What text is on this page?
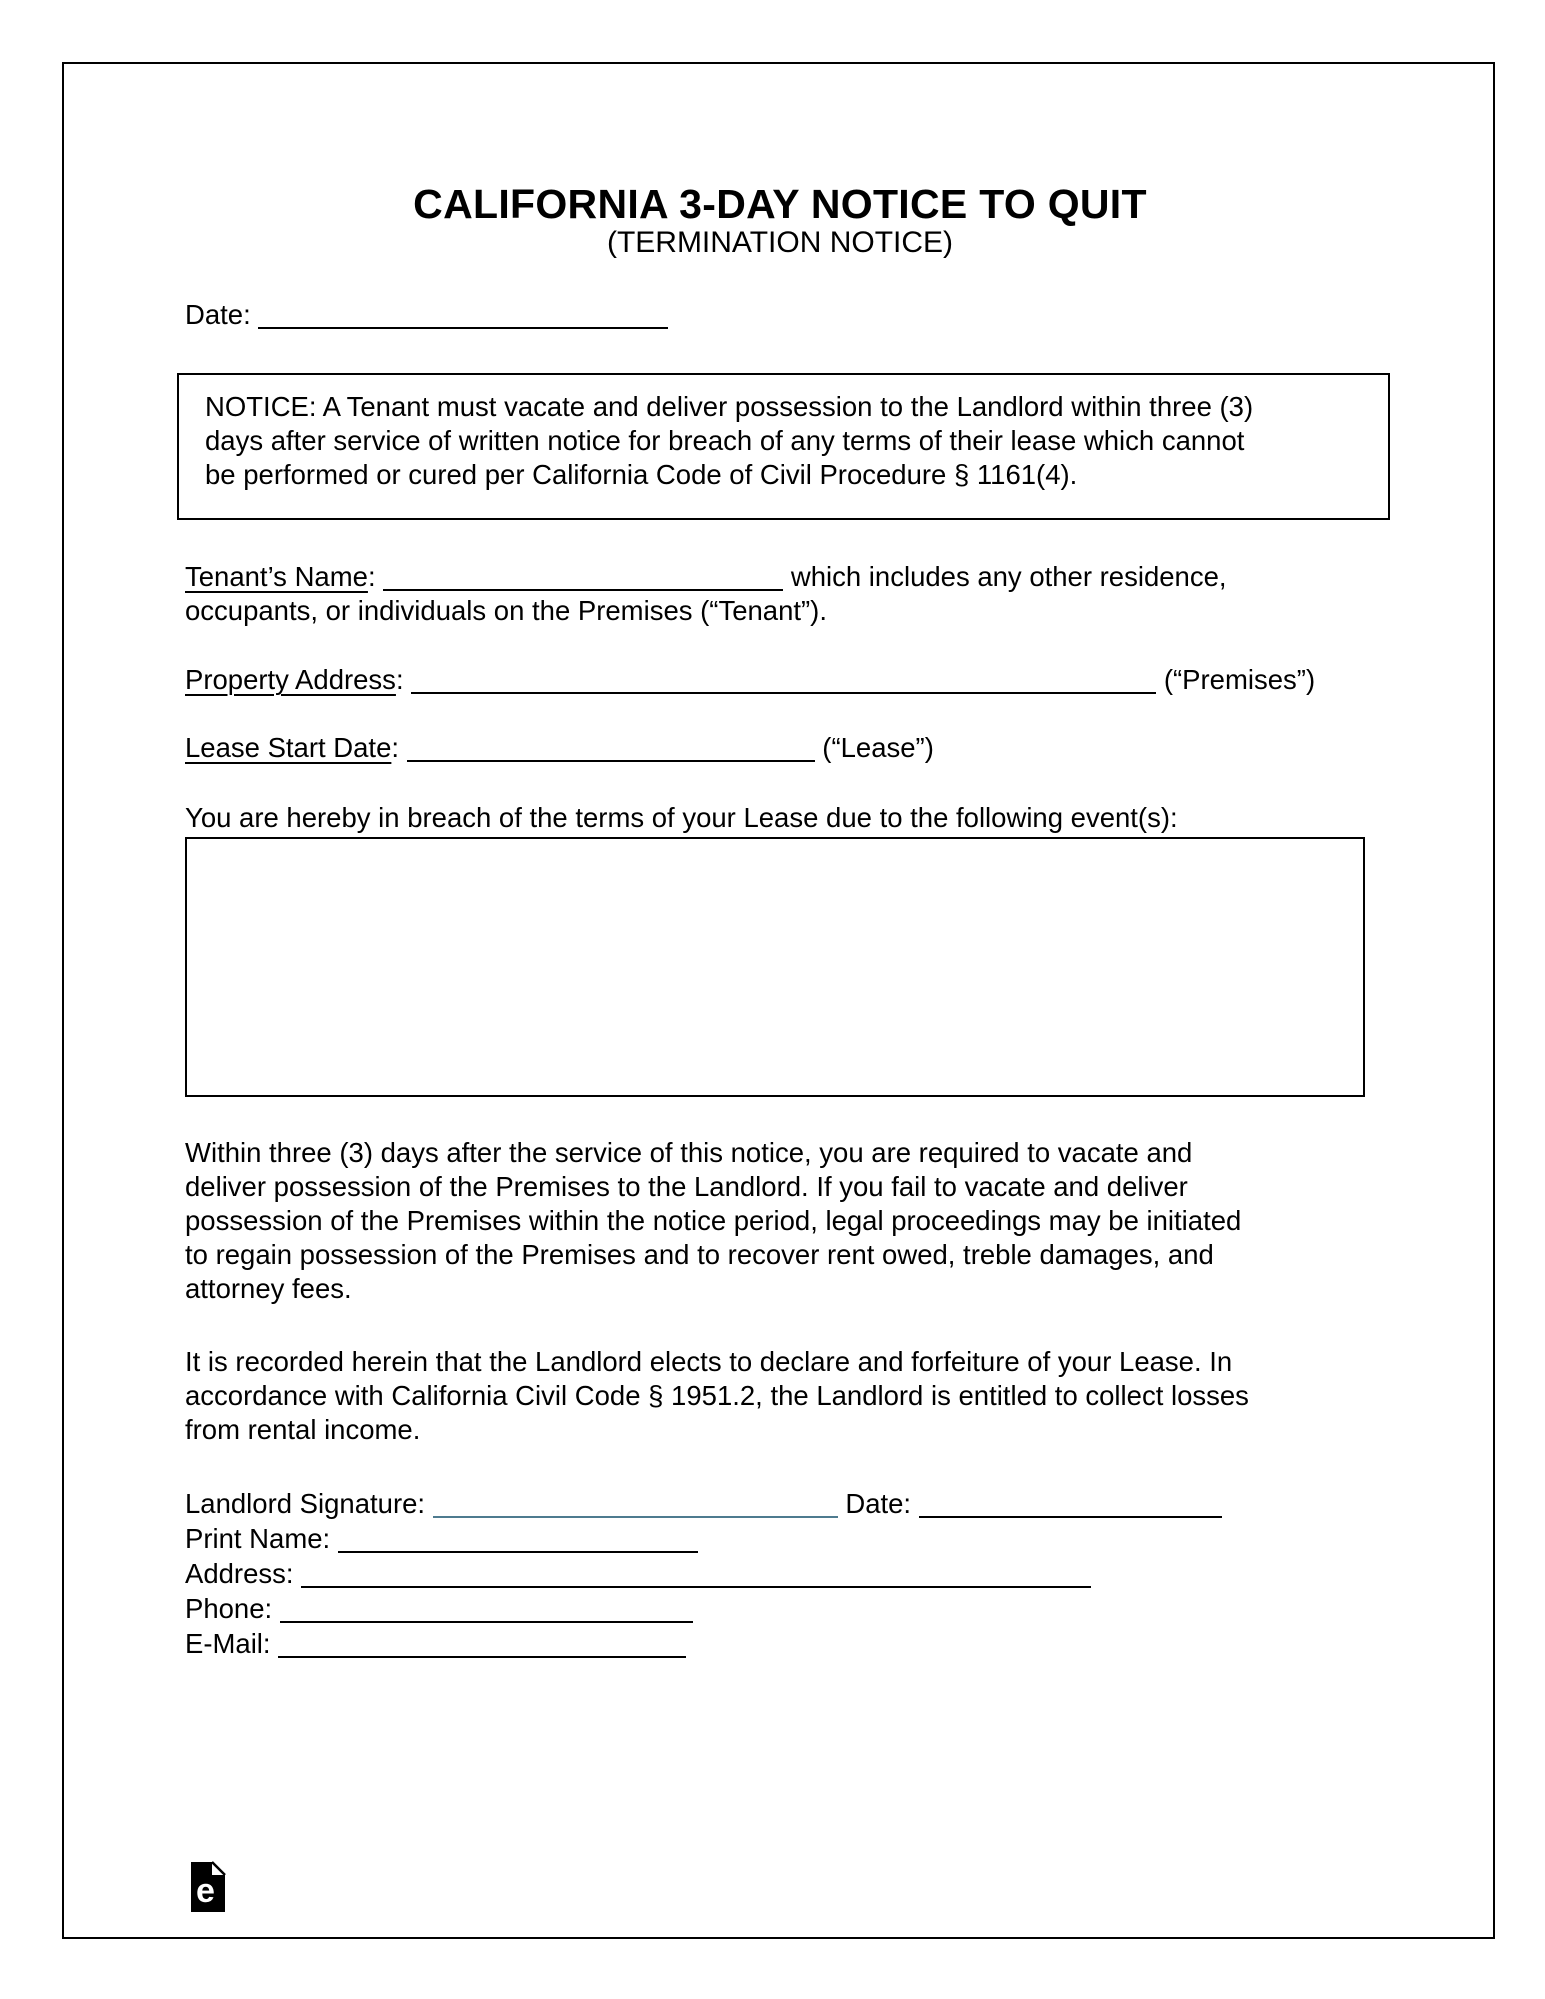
CALIFORNIA 3-DAY NOTICE TO QUIT
(TERMINATION NOTICE)
Date:
NOTICE: A Tenant must vacate and deliver possession to the Landlord within three (3)
days after service of written notice for breach of any terms of their lease which cannot
be performed or cured per California Code of Civil Procedure § 1161(4).
Tenant’s Name:	which includes any other residence,
occupants, or individuals on the Premises (“Tenant”).
Property Address:	(“Premises”)
Lease Start Date:	(“Lease”)
You are hereby in breach of the terms of your Lease due to the following event(s):
Within three (3) days after the service of this notice, you are required to vacate and
deliver possession of the Premises to the Landlord. If you fail to vacate and deliver
possession of the Premises within the notice period, legal proceedings may be initiated
to regain possession of the Premises and to recover rent owed, treble damages, and
attorney fees.
It is recorded herein that the Landlord elects to declare and forfeiture of your Lease. In
accordance with California Civil Code § 1951.2, the Landlord is entitled to collect losses
from rental income.
Landlord Signature:	Date:
Print Name:
Address:
Phone:
E-Mail:
e
